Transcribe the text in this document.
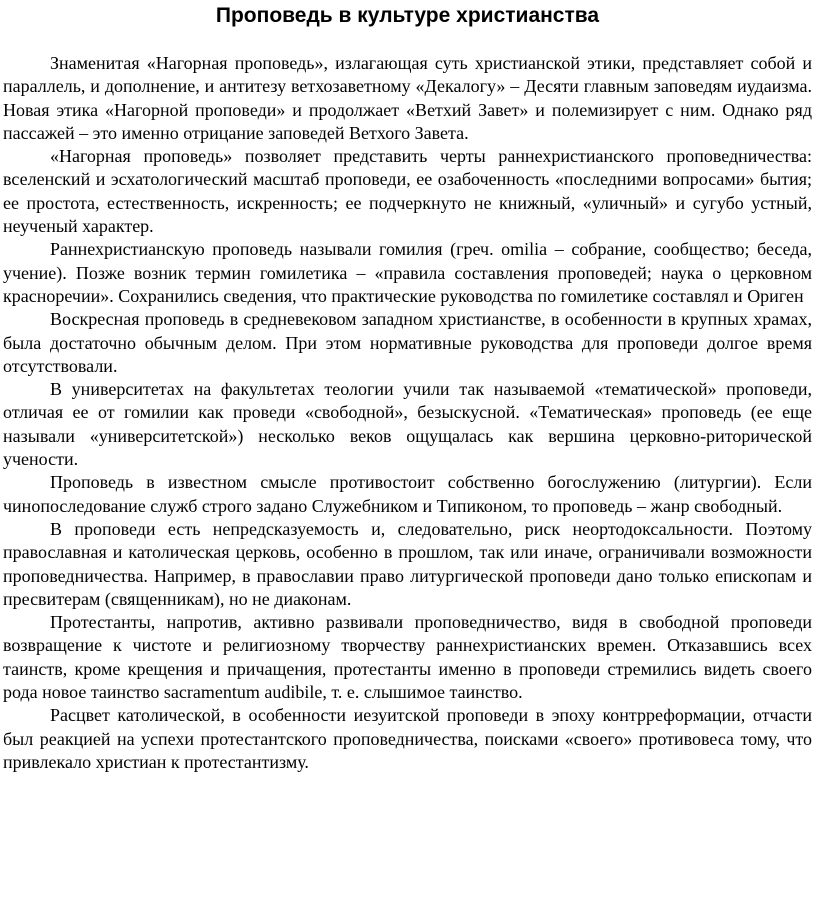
Проповедь в культуре христианства

Знаменитая «Нагорная проповедь», излагающая суть христианской этики, представляет собой и параллель, и дополнение, и антитезу ветхозаветному «Декалогу» – Десяти главным заповедям иудаизма. Новая этика «Нагорной проповеди» и продолжает «Ветхий Завет» и полемизирует с ним. Однако ряд пассажей – это именно отрицание заповедей Ветхого Завета.

«Нагорная проповедь» позволяет представить черты раннехристианского проповедничества: вселенский и эсхатологический масштаб проповеди, ее озабоченность «последними вопросами» бытия; ее простота, естественность, искренность; ее подчеркнуто не книжный, «уличный» и сугубо устный, неученый характер.

Раннехристианскую проповедь называли гомилия (греч. omilia – собрание, сообщество; беседа, учение). Позже возник термин гомилетика – «правила составления проповедей; наука о церковном красноречии». Сохранились сведения, что практические руководства по гомилетике составлял и Ориген

Воскресная проповедь в средневековом западном христианстве, в особенности в крупных храмах, была достаточно обычным делом. При этом нормативные руководства для проповеди долгое время отсутствовали.

В университетах на факультетах теологии учили так называемой «тематической» проповеди, отличая ее от гомилии как проведи «свободной», безыскусной. «Тематическая» проповедь (ее еще называли «университетской») несколько веков ощущалась как вершина церковно-риторической учености.

Проповедь в известном смысле противостоит собственно богослужению (литургии). Если чинопоследование служб строго задано Служебником и Типиконом, то проповедь – жанр свободный.

В проповеди есть непредсказуемость и, следовательно, риск неортодоксальности. Поэтому православная и католическая церковь, особенно в прошлом, так или иначе, ограничивали возможности проповедничества. Например, в православии право литургической проповеди дано только епископам и пресвитерам (священникам), но не диаконам.

Протестанты, напротив, активно развивали проповедничество, видя в свободной проповеди возвращение к чистоте и религиозному творчеству раннехристианских времен. Отказавшись всех таинств, кроме крещения и причащения, протестанты именно в проповеди стремились видеть своего рода новое таинство sacramentum audibile, т. е. слышимое таинство.

Расцвет католической, в особенности иезуитской проповеди в эпоху контрреформации, отчасти был реакцией на успехи протестантского проповедничества, поисками «своего» противовеса тому, что привлекало христиан к протестантизму.
